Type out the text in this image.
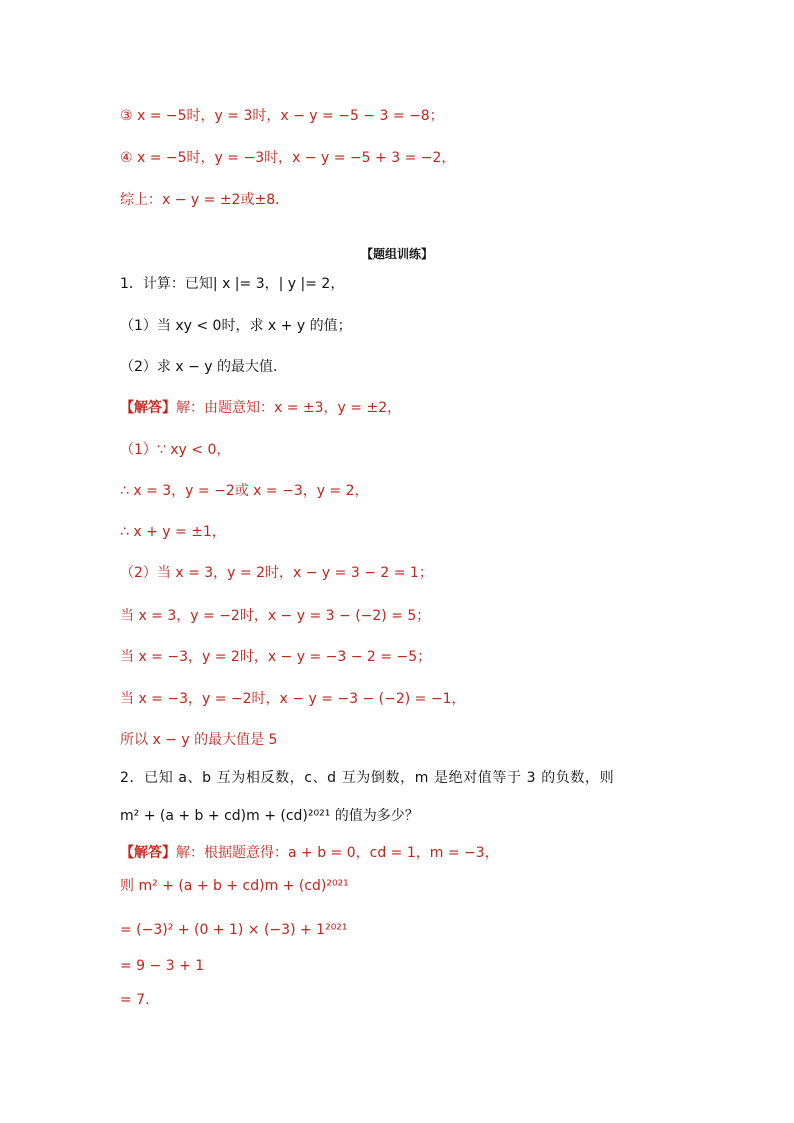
③ x = −5时，y = 3时，x − y = −5 − 3 = −8；
④ x = −5时，y = −3时，x − y = −5 + 3 = −2，
综上：x − y = ±2或±8．
【题组训练】
1．计算：已知| x |= 3，| y |= 2，
（1）当 xy < 0时，求 x + y 的值；
（2）求 x − y 的最大值．
【解答】解：由题意知：x = ±3，y = ±2，
（1）∵ xy < 0，
∴ x = 3，y = −2或 x = −3，y = 2，
∴ x + y = ±1，
（2）当 x = 3，y = 2时，x − y = 3 − 2 = 1；
当 x = 3，y = −2时，x − y = 3 − (−2) = 5；
当 x = −3，y = 2时，x − y = −3 − 2 = −5；
当 x = −3，y = −2时，x − y = −3 − (−2) = −1，
所以 x − y 的最大值是 5
2．已知 a、b 互为相反数，c、d 互为倒数，m 是绝对值等于 3 的负数，则
m² + (a + b + cd)m + (cd)²⁰²¹ 的值为多少？
【解答】解：根据题意得：a + b = 0，cd = 1，m = −3，
则 m² + (a + b + cd)m + (cd)²⁰²¹
= (−3)² + (0 + 1) × (−3) + 1²⁰²¹
= 9 − 3 + 1
= 7．
